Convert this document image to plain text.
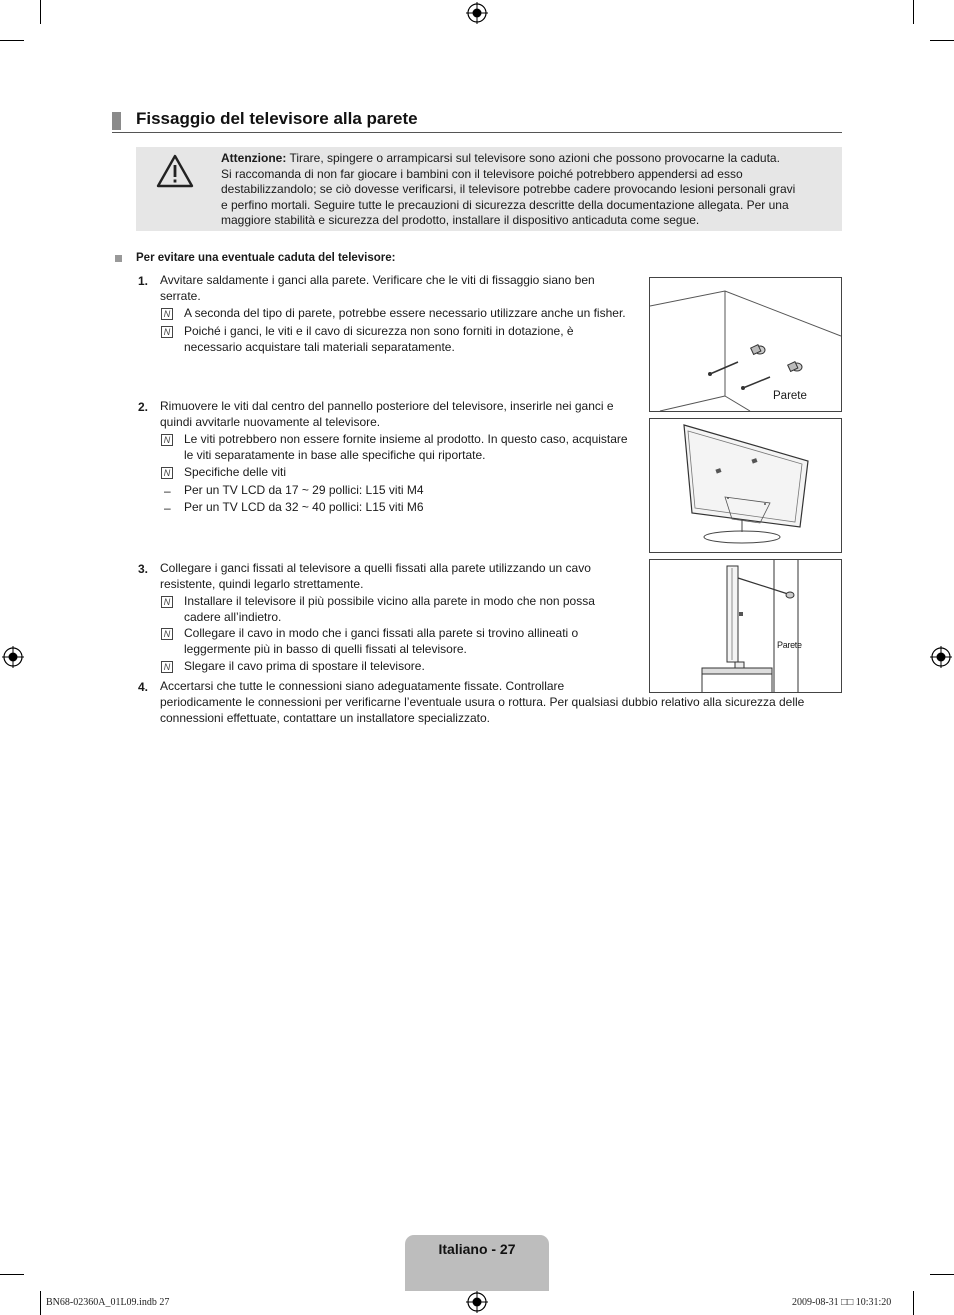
Fissaggio del televisore alla parete
Attenzione: Tirare, spingere o arrampicarsi sul televisore sono azioni che possono provocarne la caduta.
Si raccomanda di non far giocare i bambini con il televisore poiché potrebbero appendersi ad esso
destabilizzandolo; se ciò dovesse verificarsi, il televisore potrebbe cadere provocando lesioni personali gravi
e perfino mortali. Seguire tutte le precauzioni di sicurezza descritte della documentazione allegata. Per una
maggiore stabilità e sicurezza del prodotto, installare il dispositivo anticaduta come segue.
Per evitare una eventuale caduta del televisore:
1. Avvitare saldamente i ganci alla parete. Verificare che le viti di fissaggio siano ben
serrate.
N A seconda del tipo di parete, potrebbe essere necessario utilizzare anche un fisher.
N Poiché i ganci, le viti e il cavo di sicurezza non sono forniti in dotazione, è
necessario acquistare tali materiali separatamente.
2. Rimuovere le viti dal centro del pannello posteriore del televisore, inserirle nei ganci e
quindi avvitarle nuovamente al televisore.
N Le viti potrebbero non essere fornite insieme al prodotto. In questo caso, acquistare
le viti separatamente in base alle specifiche qui riportate.
N Specifiche delle viti
– Per un TV LCD da 17 ~ 29 pollici: L15 viti M4
– Per un TV LCD da 32 ~ 40 pollici: L15 viti M6
3. Collegare i ganci fissati al televisore a quelli fissati alla parete utilizzando un cavo
resistente, quindi legarlo strettamente.
N Installare il televisore il più possibile vicino alla parete in modo che non possa
cadere all’indietro.
N Collegare il cavo in modo che i ganci fissati alla parete si trovino allineati o
leggermente più in basso di quelli fissati al televisore.
N Slegare il cavo prima di spostare il televisore.
4. Accertarsi che tutte le connessioni siano adeguatamente fissate. Controllare
periodicamente le connessioni per verificarne l’eventuale usura o rottura. Per qualsiasi dubbio relativo alla sicurezza delle
connessioni effettuate, contattare un installatore specializzato.
Parete
Parete
Italiano - 27
BN68-02360A_01L09.indb 27	2009-08-31 □□ 10:31:20
